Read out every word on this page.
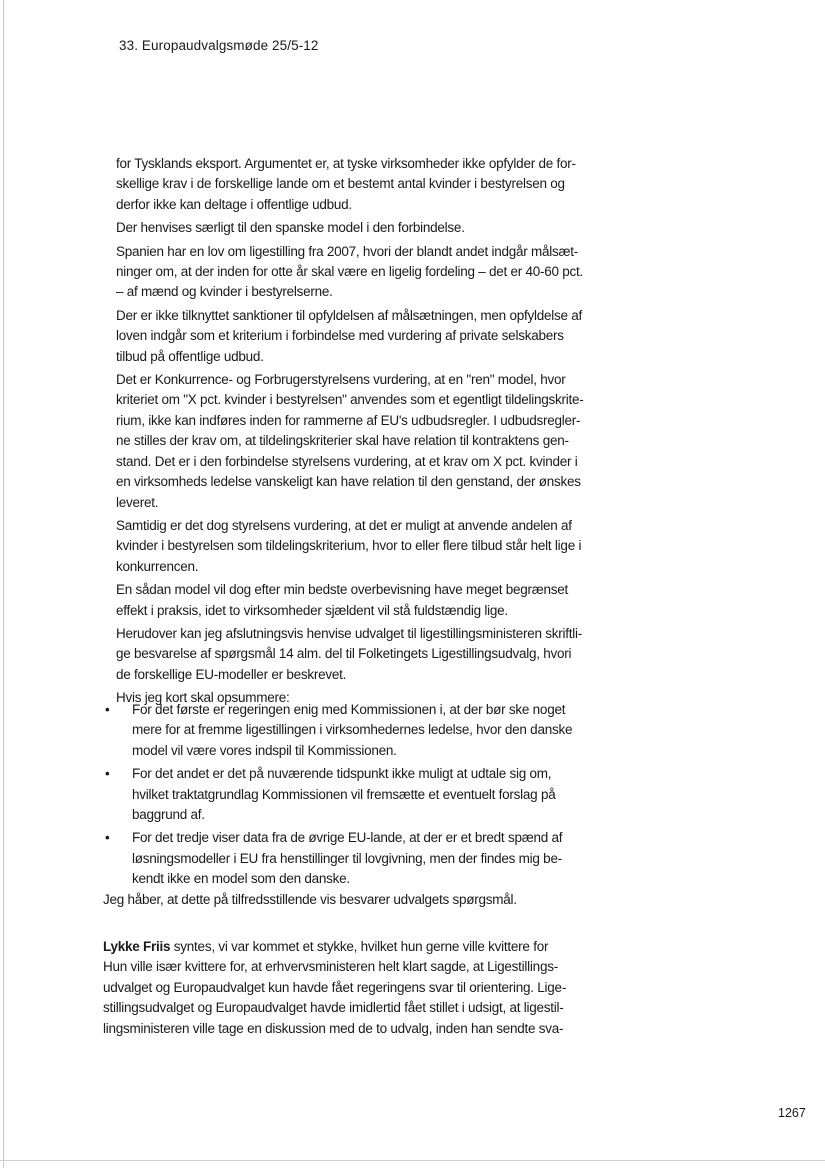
33. Europaudvalgsmøde 25/5-12
for Tysklands eksport. Argumentet er, at tyske virksomheder ikke opfylder de for-
skellige krav i de forskellige lande om et bestemt antal kvinder i bestyrelsen og
derfor ikke kan deltage i offentlige udbud.
Der henvises særligt til den spanske model i den forbindelse.
Spanien har en lov om ligestilling fra 2007, hvori der blandt andet indgår målsæt-
ninger om, at der inden for otte år skal være en ligelig fordeling – det er 40-60 pct.
– af mænd og kvinder i bestyrelserne.
Der er ikke tilknyttet sanktioner til opfyldelsen af målsætningen, men opfyldelse af
loven indgår som et kriterium i forbindelse med vurdering af private selskabers
tilbud på offentlige udbud.
Det er Konkurrence- og Forbrugerstyrelsens vurdering, at en "ren" model, hvor
kriteriet om "X pct. kvinder i bestyrelsen" anvendes som et egentligt tildelingskrite-
rium, ikke kan indføres inden for rammerne af EU's udbudsregler. I udbudsregler-
ne stilles der krav om, at tildelingskriterier skal have relation til kontraktens gen-
stand. Det er i den forbindelse styrelsens vurdering, at et krav om X pct. kvinder i
en virksomheds ledelse vanskeligt kan have relation til den genstand, der ønskes
leveret.
Samtidig er det dog styrelsens vurdering, at det er muligt at anvende andelen af
kvinder i bestyrelsen som tildelingskriterium, hvor to eller flere tilbud står helt lige i
konkurrencen.
En sådan model vil dog efter min bedste overbevisning have meget begrænset
effekt i praksis, idet to virksomheder sjældent vil stå fuldstændig lige.
Herudover kan jeg afslutningsvis henvise udvalget til ligestillingsministeren skriftli-
ge besvarelse af spørgsmål 14 alm. del til Folketingets Ligestillingsudvalg, hvori
de forskellige EU-modeller er beskrevet.
Hvis jeg kort skal opsummere:
• For det første er regeringen enig med Kommissionen i, at der bør ske noget
mere for at fremme ligestillingen i virksomhedernes ledelse, hvor den danske
model vil være vores indspil til Kommissionen.
• For det andet er det på nuværende tidspunkt ikke muligt at udtale sig om,
hvilket traktatgrundlag Kommissionen vil fremsætte et eventuelt forslag på
baggrund af.
• For det tredje viser data fra de øvrige EU-lande, at der er et bredt spænd af
løsningsmodeller i EU fra henstillinger til lovgivning, men der findes mig be-
kendt ikke en model som den danske.
Jeg håber, at dette på tilfredsstillende vis besvarer udvalgets spørgsmål.
Lykke Friis syntes, vi var kommet et stykke, hvilket hun gerne ville kvittere for
Hun ville især kvittere for, at erhvervsministeren helt klart sagde, at Ligestillings-
udvalget og Europaudvalget kun havde fået regeringens svar til orientering. Lige-
stillingsudvalget og Europaudvalget havde imidlertid fået stillet i udsigt, at ligestil-
lingsministeren ville tage en diskussion med de to udvalg, inden han sendte sva-
1267
